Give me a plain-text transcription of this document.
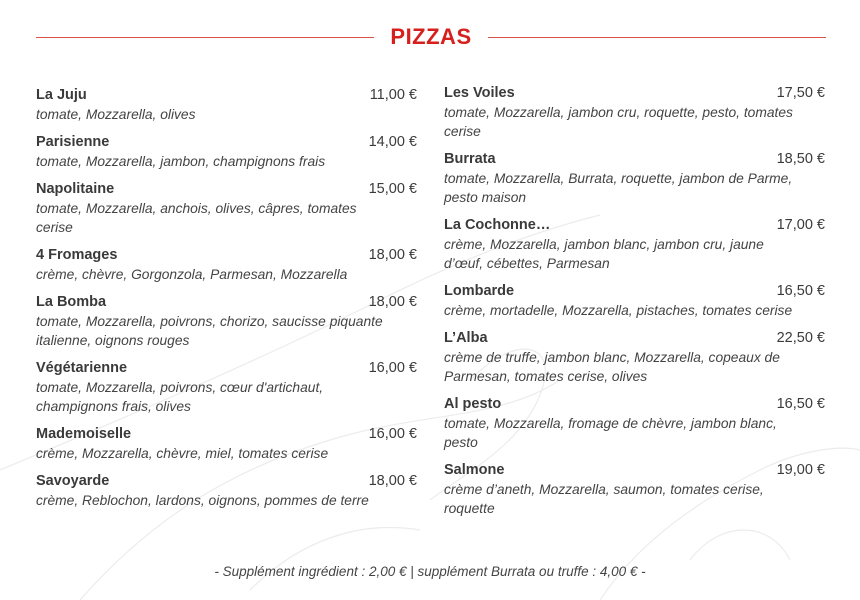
PIZZAS
La Juju	11,00 €
tomate, Mozzarella, olives
Parisienne	14,00 €
tomate, Mozzarella, jambon, champignons frais
Napolitaine	15,00 €
tomate, Mozzarella, anchois, olives, câpres, tomates cerise
4 Fromages	18,00 €
crème, chèvre, Gorgonzola, Parmesan, Mozzarella
La Bomba	18,00 €
tomate, Mozzarella, poivrons, chorizo, saucisse piquante italienne, oignons rouges
Végétarienne	16,00 €
tomate, Mozzarella, poivrons, cœur d'artichaut, champignons frais, olives
Mademoiselle	16,00 €
crème, Mozzarella, chèvre, miel, tomates cerise
Savoyarde	18,00 €
crème, Reblochon, lardons, oignons, pommes de terre
Les Voiles	17,50 €
tomate, Mozzarella, jambon cru, roquette, pesto, tomates cerise
Burrata	18,50 €
tomate, Mozzarella, Burrata, roquette, jambon de Parme, pesto maison
La Cochonne…	17,00 €
crème, Mozzarella, jambon blanc, jambon cru, jaune d’œuf, cébettes, Parmesan
Lombarde	16,50 €
crème, mortadelle, Mozzarella, pistaches, tomates cerise
L’Alba	22,50 €
crème de truffe, jambon blanc, Mozzarella, copeaux de Parmesan, tomates cerise, olives
Al pesto	16,50 €
tomate, Mozzarella, fromage de chèvre, jambon blanc, pesto
Salmone	19,00 €
crème d’aneth, Mozzarella, saumon, tomates cerise, roquette
- Supplément ingrédient : 2,00 € | supplément Burrata ou truffe : 4,00 € -
